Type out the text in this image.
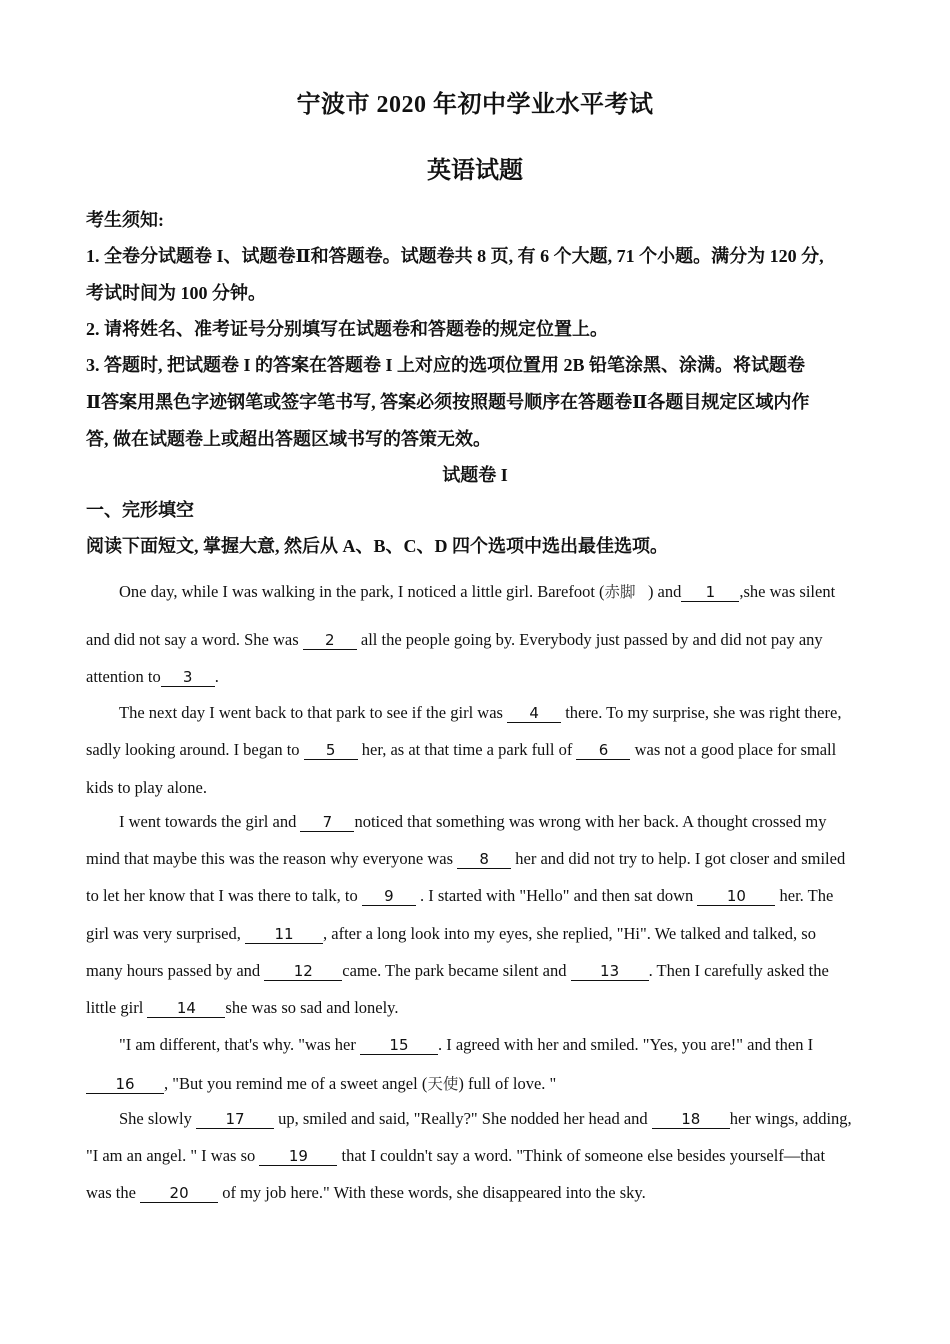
宁波市 2020 年初中学业水平考试
英语试题
考生须知:
1. 全卷分试题卷 I、试题卷Ⅱ和答题卷。试题卷共 8 页, 有 6 个大题, 71 个小题。满分为 120 分,
考试时间为 100 分钟。
2. 请将姓名、准考证号分别填写在试题卷和答题卷的规定位置上。
3. 答题时, 把试题卷 I 的答案在答题卷 I 上对应的选项位置用 2B 铅笔涂黑、涂满。将试题卷
Ⅱ答案用黑色字迹钢笔或签字笔书写, 答案必须按照题号顺序在答题卷Ⅱ各题目规定区域内作
答, 做在试题卷上或超出答题区域书写的答策无效。
试题卷 I
一、完形填空
阅读下面短文, 掌握大意, 然后从 A、B、C、D 四个选项中选出最佳选项。
One day, while I was walking in the park, I noticed a little girl. Barefoot (赤脚 ) and 1 ,she was silent
and did not say a word. She was 2 all the people going by. Everybody just passed by and did not pay any
attention to 3 .
The next day I went back to that park to see if the girl was 4 there. To my surprise, she was right there,
sadly looking around. I began to 5 her, as at that time a park full of 6 was not a good place for small
kids to play alone.
I went towards the girl and 7 noticed that something was wrong with her back. A thought crossed my
mind that maybe this was the reason why everyone was 8 her and did not try to help. I got closer and smiled
to let her know that I was there to talk, to 9 . I started with "Hello" and then sat down 10 her. The
girl was very surprised, 11 , after a long look into my eyes, she replied, "Hi". We talked and talked, so
many hours passed by and 12 came. The park became silent and 13 . Then I carefully asked the
little girl 14 she was so sad and lonely.
"I am different, that's why. "was her 15 . I agreed with her and smiled. "Yes, you are!" and then I
16 , "But you remind me of a sweet angel (天使) full of love. "
She slowly 17 up, smiled and said, "Really?" She nodded her head and 18 her wings, adding,
"I am an angel. " I was so 19 that I couldn't say a word. "Think of someone else besides yourself—that
was the 20 of my job here." With these words, she disappeared into the sky.
